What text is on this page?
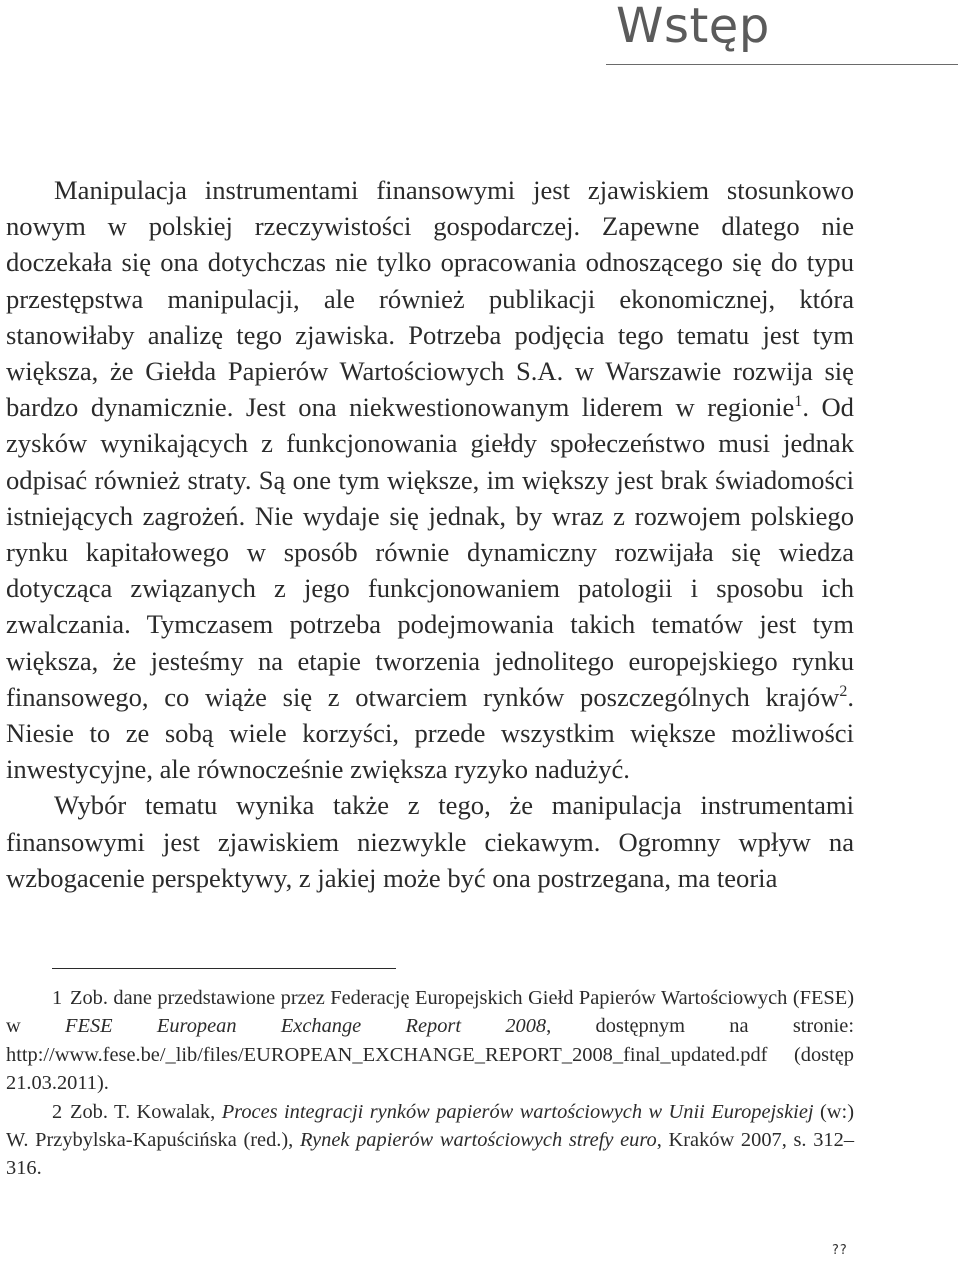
Wstęp

Manipulacja instrumentami finansowymi jest zjawiskiem stosunkowo nowym w polskiej rzeczywistości gospodarczej. Zapewne dlatego nie doczekała się ona dotychczas nie tylko opracowania odnoszącego się do typu przestępstwa manipulacji, ale również publikacji ekonomicznej, która stanowiłaby analizę tego zjawiska. Potrzeba podjęcia tego tematu jest tym większa, że Giełda Papierów Wartościowych S.A. w Warszawie rozwija się bardzo dynamicznie. Jest ona niekwestionowanym liderem w regionie$^1$. Od zysków wynikających z funkcjonowania giełdy społeczeństwo musi jednak odpisać również straty. Są one tym większe, im większy jest brak świadomości istniejących zagrożeń. Nie wydaje się jednak, by wraz z rozwojem polskiego rynku kapitałowego w sposób równie dynamiczny rozwijała się wiedza dotycząca związanych z jego funkcjonowaniem patologii i sposobu ich zwalczania. Tymczasem potrzeba podejmowania takich tematów jest tym większa, że jesteśmy na etapie tworzenia jednolitego europejskiego rynku finansowego, co wiąże się z otwarciem rynków poszczególnych krajów$^2$. Niesie to ze sobą wiele korzyści, przede wszystkim większe możliwości inwestycyjne, ale równocześnie zwiększa ryzyko nadużyć.

Wybór tematu wynika także z tego, że manipulacja instrumentami finansowymi jest zjawiskiem niezwykle ciekawym. Ogromny wpływ na wzbogacenie perspektywy, z jakiej może być ona postrzegana, ma teoria

1 Zob. dane przedstawione przez Federację Europejskich Giełd Papierów Wartościowych (FESE) w FESE European Exchange Report 2008, dostępnym na stronie: http://www.fese.be/_lib/files/EUROPEAN_EXCHANGE_REPORT_2008_final_updated.pdf (dostęp 21.03.2011).

2 Zob. T. Kowalak, Proces integracji rynków papierów wartościowych w Unii Europejskiej (w:) W. Przybylska-Kapuścińska (red.), Rynek papierów wartościowych strefy euro, Kraków 2007, s. 312–316.

??
